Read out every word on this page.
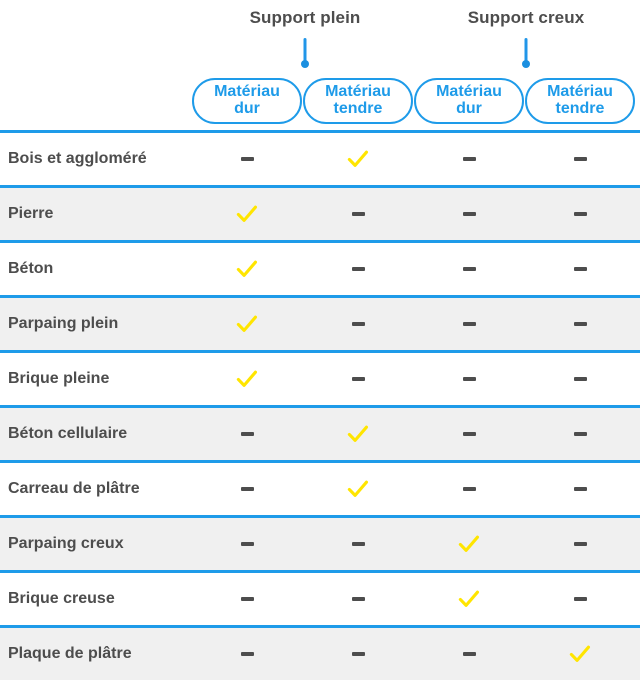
Support plein	Support creux
Matériau
dur
Matériau
tendre
Matériau
dur
Matériau
tendre
Bois et aggloméré
Pierre
Béton
Parpaing plein
Brique pleine
Béton cellulaire
Carreau de plâtre
Parpaing creux
Brique creuse
Plaque de plâtre
